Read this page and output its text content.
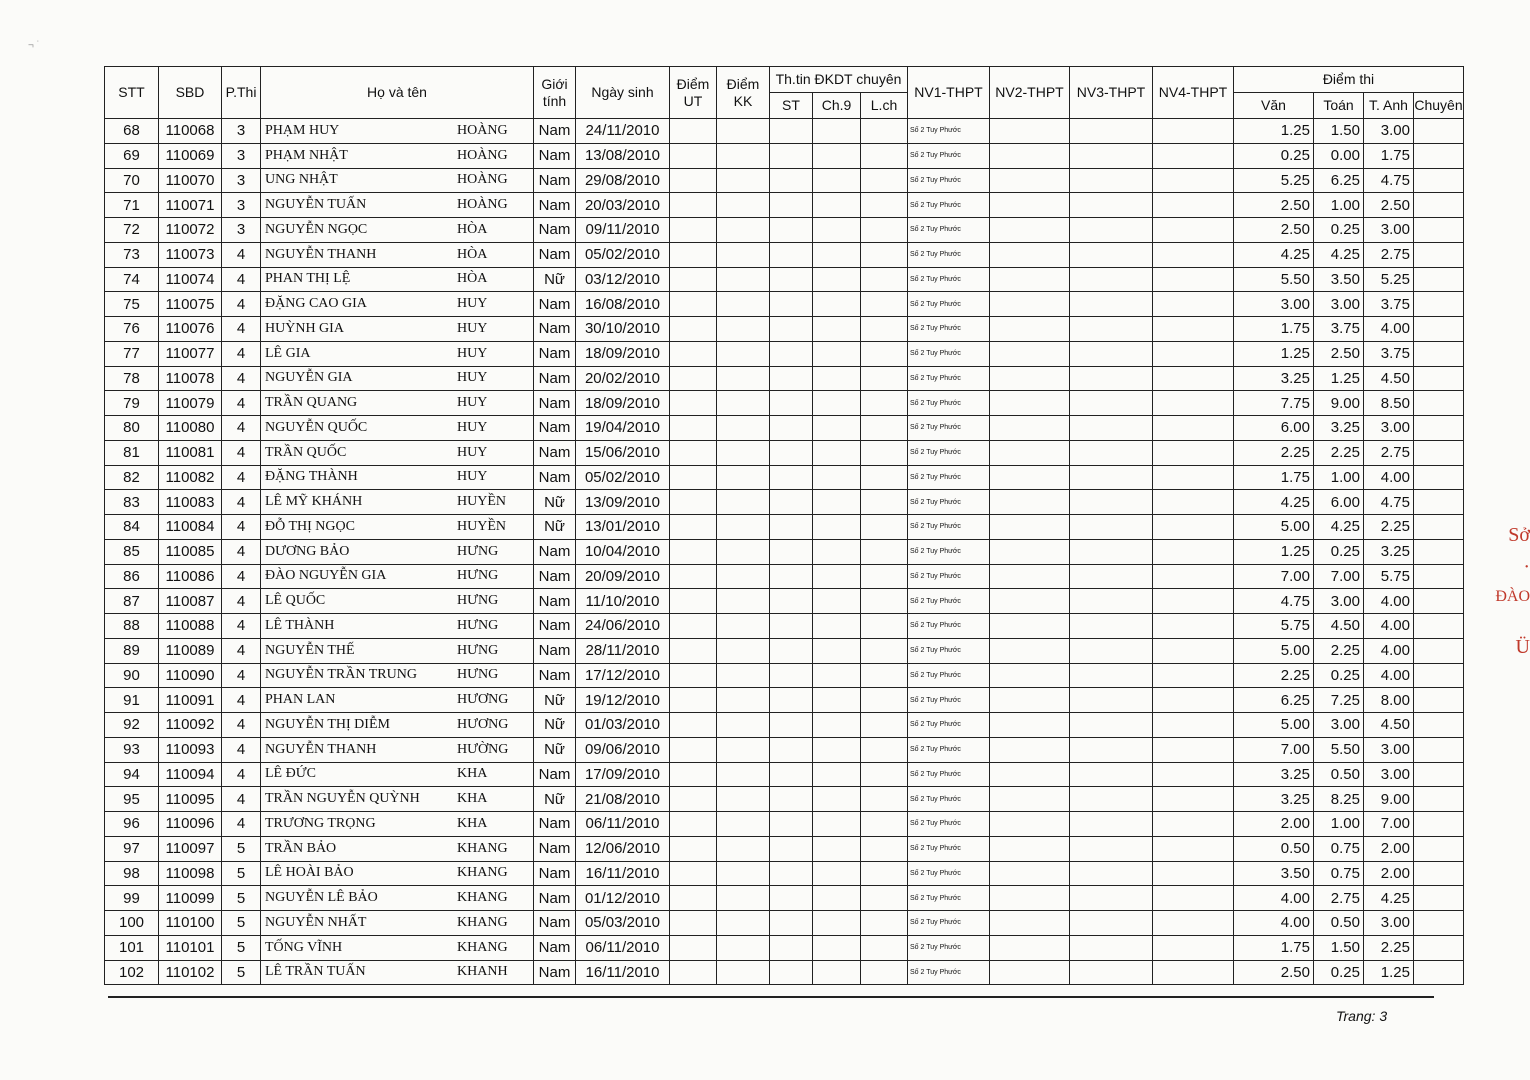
¬ ˙
STT	SBD	P.Thi	Họ và tên	Giới tính	Ngày sinh	Điểm UT	Điểm KK	Th.tin ĐKDT chuyên			NV1-THPT	NV2-THPT	NV3-THPT	NV4-THPT	Điểm thi			
								ST	Ch.9	L.ch					Văn	Toán	T. Anh	Chuyên
68	110068	3	PHẠM HUY HOÀNG	Nam	24/11/2010						Số 2 Tuy Phước				1.25	1.50	3.00	
69	110069	3	PHẠM NHẬT HOÀNG	Nam	13/08/2010						Số 2 Tuy Phước				0.25	0.00	1.75	
70	110070	3	UNG NHẬT HOÀNG	Nam	29/08/2010						Số 2 Tuy Phước				5.25	6.25	4.75	
71	110071	3	NGUYỄN TUẤN HOÀNG	Nam	20/03/2010						Số 2 Tuy Phước				2.50	1.00	2.50	
72	110072	3	NGUYỄN NGỌC HÒA	Nam	09/11/2010						Số 2 Tuy Phước				2.50	0.25	3.00	
73	110073	4	NGUYỄN THANH HÒA	Nam	05/02/2010						Số 2 Tuy Phước				4.25	4.25	2.75	
74	110074	4	PHAN THỊ LỆ HÒA	Nữ	03/12/2010						Số 2 Tuy Phước				5.50	3.50	5.25	
75	110075	4	ĐẶNG CAO GIA HUY	Nam	16/08/2010						Số 2 Tuy Phước				3.00	3.00	3.75	
76	110076	4	HUỲNH GIA HUY	Nam	30/10/2010						Số 2 Tuy Phước				1.75	3.75	4.00	
77	110077	4	LÊ GIA HUY	Nam	18/09/2010						Số 2 Tuy Phước				1.25	2.50	3.75	
78	110078	4	NGUYỄN GIA HUY	Nam	20/02/2010						Số 2 Tuy Phước				3.25	1.25	4.50	
79	110079	4	TRẦN QUANG HUY	Nam	18/09/2010						Số 2 Tuy Phước				7.75	9.00	8.50	
80	110080	4	NGUYỄN QUỐC HUY	Nam	19/04/2010						Số 2 Tuy Phước				6.00	3.25	3.00	
81	110081	4	TRẦN QUỐC HUY	Nam	15/06/2010						Số 2 Tuy Phước				2.25	2.25	2.75	
82	110082	4	ĐẶNG THÀNH HUY	Nam	05/02/2010						Số 2 Tuy Phước				1.75	1.00	4.00	
83	110083	4	LÊ MỸ KHÁNH HUYỀN	Nữ	13/09/2010						Số 2 Tuy Phước				4.25	6.00	4.75	
84	110084	4	ĐỖ THỊ NGỌC HUYỀN	Nữ	13/01/2010						Số 2 Tuy Phước				5.00	4.25	2.25	
85	110085	4	DƯƠNG BẢO HƯNG	Nam	10/04/2010						Số 2 Tuy Phước				1.25	0.25	3.25	
86	110086	4	ĐÀO NGUYỄN GIA HƯNG	Nam	20/09/2010						Số 2 Tuy Phước				7.00	7.00	5.75	
87	110087	4	LÊ QUỐC HƯNG	Nam	11/10/2010						Số 2 Tuy Phước				4.75	3.00	4.00	
88	110088	4	LÊ THÀNH HƯNG	Nam	24/06/2010						Số 2 Tuy Phước				5.75	4.50	4.00	
89	110089	4	NGUYỄN THẾ HƯNG	Nam	28/11/2010						Số 2 Tuy Phước				5.00	2.25	4.00	
90	110090	4	NGUYỄN TRẦN TRUNG HƯNG	Nam	17/12/2010						Số 2 Tuy Phước				2.25	0.25	4.00	
91	110091	4	PHAN LAN HƯƠNG	Nữ	19/12/2010						Số 2 Tuy Phước				6.25	7.25	8.00	
92	110092	4	NGUYỄN THỊ DIỄM HƯƠNG	Nữ	01/03/2010						Số 2 Tuy Phước				5.00	3.00	4.50	
93	110093	4	NGUYỄN THANH HƯỜNG	Nữ	09/06/2010						Số 2 Tuy Phước				7.00	5.50	3.00	
94	110094	4	LÊ ĐỨC KHA	Nam	17/09/2010						Số 2 Tuy Phước				3.25	0.50	3.00	
95	110095	4	TRẦN NGUYỄN QUỲNH KHA	Nữ	21/08/2010						Số 2 Tuy Phước				3.25	8.25	9.00	
96	110096	4	TRƯƠNG TRỌNG KHA	Nam	06/11/2010						Số 2 Tuy Phước				2.00	1.00	7.00	
97	110097	5	TRẦN BẢO KHANG	Nam	12/06/2010						Số 2 Tuy Phước				0.50	0.75	2.00	
98	110098	5	LÊ HOÀI BẢO KHANG	Nam	16/11/2010						Số 2 Tuy Phước				3.50	0.75	2.00	
99	110099	5	NGUYỄN LÊ BẢO KHANG	Nam	01/12/2010						Số 2 Tuy Phước				4.00	2.75	4.25	
100	110100	5	NGUYỄN NHẤT KHANG	Nam	05/03/2010						Số 2 Tuy Phước				4.00	0.50	3.00	
101	110101	5	TỐNG VĨNH KHANG	Nam	06/11/2010						Số 2 Tuy Phước				1.75	1.50	2.25	
102	110102	5	LÊ TRẦN TUẤN KHANH	Nam	16/11/2010						Số 2 Tuy Phước				2.50	0.25	1.25	
Trang: 3
Sở
·
ĐÀO
Ü
